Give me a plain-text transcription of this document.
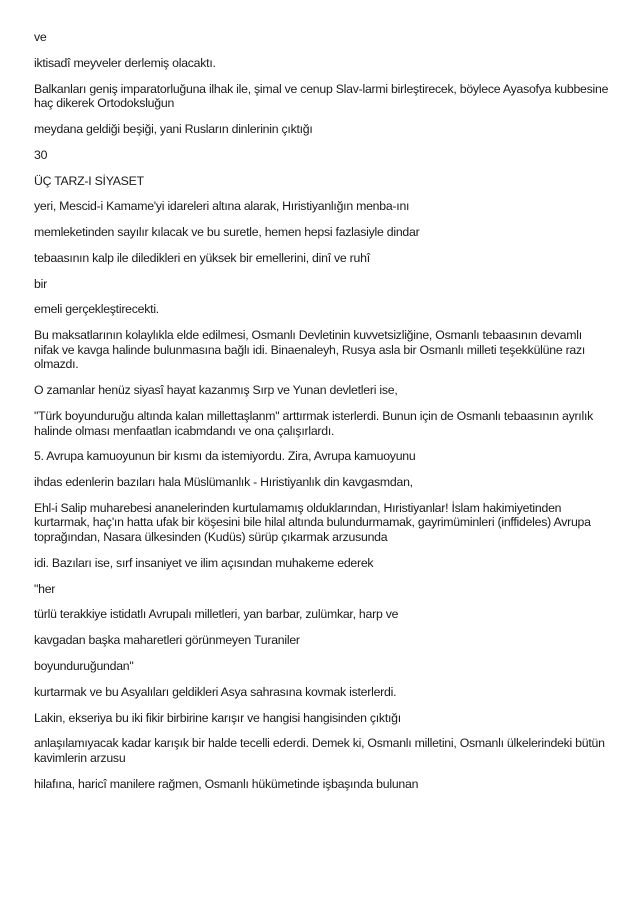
ve

iktisadî meyveler derlemiş olacaktı.

Balkanları geniş imparatorluğuna ilhak ile, şimal ve cenup Slav-larmi birleştirecek, böylece Ayasofya kubbesine haç dikerek Ortodoksluğun

meydana geldiği beşiği, yani Rusların dinlerinin çıktığı

30

ÜÇ TARZ-I SİYASET

yeri, Mescid-i Kamame'yi idareleri altına alarak, Hıristiyanlığın menba-ını

memleketinden sayılır kılacak ve bu suretle, hemen hepsi fazlasiyle dindar

tebaasının kalp ile diledikleri en yüksek bir emellerini, dinî ve ruhî

bir

emeli gerçekleştirecekti.

Bu maksatlarının kolaylıkla elde edilmesi, Osmanlı Devletinin kuvvetsizliğine, Osmanlı tebaasının devamlı nifak ve kavga halinde bulunmasına bağlı idi. Binaenaleyh, Rusya asla bir Osmanlı milleti teşekkülüne razı olmazdı.

O zamanlar henüz siyasî hayat kazanmış Sırp ve Yunan devletleri ise,

"Türk boyunduruğu altında kalan millettaşlanm" arttırmak isterlerdi. Bunun için de Osmanlı tebaasının ayrılık halinde olması menfaatlan icabmdandı ve ona çalışırlardı.

5. Avrupa kamuoyunun bir kısmı da istemiyordu. Zira, Avrupa kamuoyunu

ihdas edenlerin bazıları hala Müslümanlık - Hıristiyanlık din kavgasmdan,

Ehl-i Salip muharebesi ananelerinden kurtulamamış olduklarından, Hıristiyanlar! İslam hakimiyetinden kurtarmak, haç'ın hatta ufak bir köşesini bile hilal altında bulundurmamak, gayrimüminleri (inffideles) Avrupa toprağından, Nasara ülkesinden (Kudüs) sürüp çıkarmak arzusunda

idi. Bazıları ise, sırf insaniyet ve ilim açısından muhakeme ederek

"her

türlü terakkiye istidatlı Avrupalı milletleri, yan barbar, zulümkar, harp ve

kavgadan başka maharetleri görünmeyen Turaniler

boyunduruğundan"

kurtarmak ve bu Asyalıları geldikleri Asya sahrasına kovmak isterlerdi.

Lakin, ekseriya bu iki fikir birbirine karışır ve hangisi hangisinden çıktığı

anlaşılamıyacak kadar karışık bir halde tecelli ederdi. Demek ki, Osmanlı milletini, Osmanlı ülkelerindeki bütün kavimlerin arzusu

hilafına, haricî manilere rağmen, Osmanlı hükümetinde işbaşında bulunan
